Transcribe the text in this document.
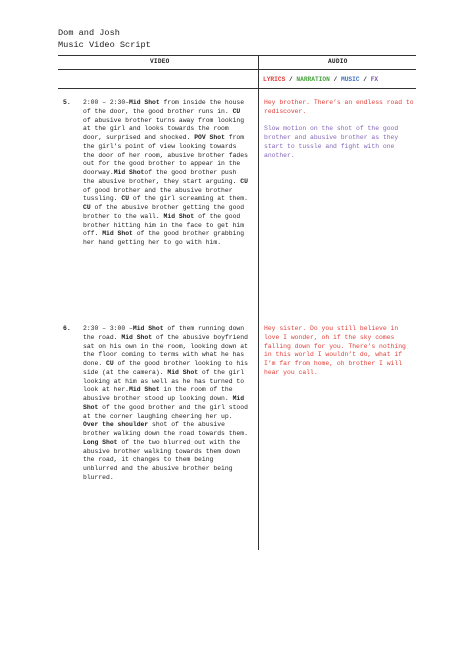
Dom and Josh
Music Video Script
VIDEO	AUDIO
LYRICS / NARRATION / MUSIC / FX
5. 2:00 – 2:30–Mid Shot from inside the house of the door, the good brother runs in. CU of abusive brother turns away from looking at the girl and looks towards the room door, surprised and shocked. POV Shot from the girl’s point of view looking towards the door of her room, abusive brother fades out for the good brother to appear in the doorway.Mid Shotof the good brother push the abusive brother, they start arguing. CU of good brother and the abusive brother tussling. CU of the girl screaming at them. CU of the abusive brother getting the good brother to the wall. Mid Shot of the good brother hitting him in the face to get him off. Mid Shot of the good brother grabbing her hand getting her to go with him.

Hey brother. There’s an endless road to rediscover.

Slow motion on the shot of the good brother and abusive brother as they start to tussle and fight with one another.

6. 2:30 – 3:00 –Mid Shot of them running down the road. Mid Shot of the abusive boyfriend sat on his own in the room, looking down at the floor coming to terms with what he has done. CU of the good brother looking to his side (at the camera). Mid Shot of the girl looking at him as well as he has turned to look at her.Mid Shot in the room of the abusive brother stood up looking down. Mid Shot of the good brother and the girl stood at the corner laughing cheering her up. Over the shoulder shot of the abusive brother walking down the road towards them. Long Shot of the two blurred out with the abusive brother walking towards them down the road, it changes to them being unblurred and the abusive brother being blurred.

Hey sister. Do you still believe in love I wonder, oh if the sky comes falling down for you. There’s nothing in this world I wouldn’t do, what if I’m far from home, oh brother I will hear you call.
